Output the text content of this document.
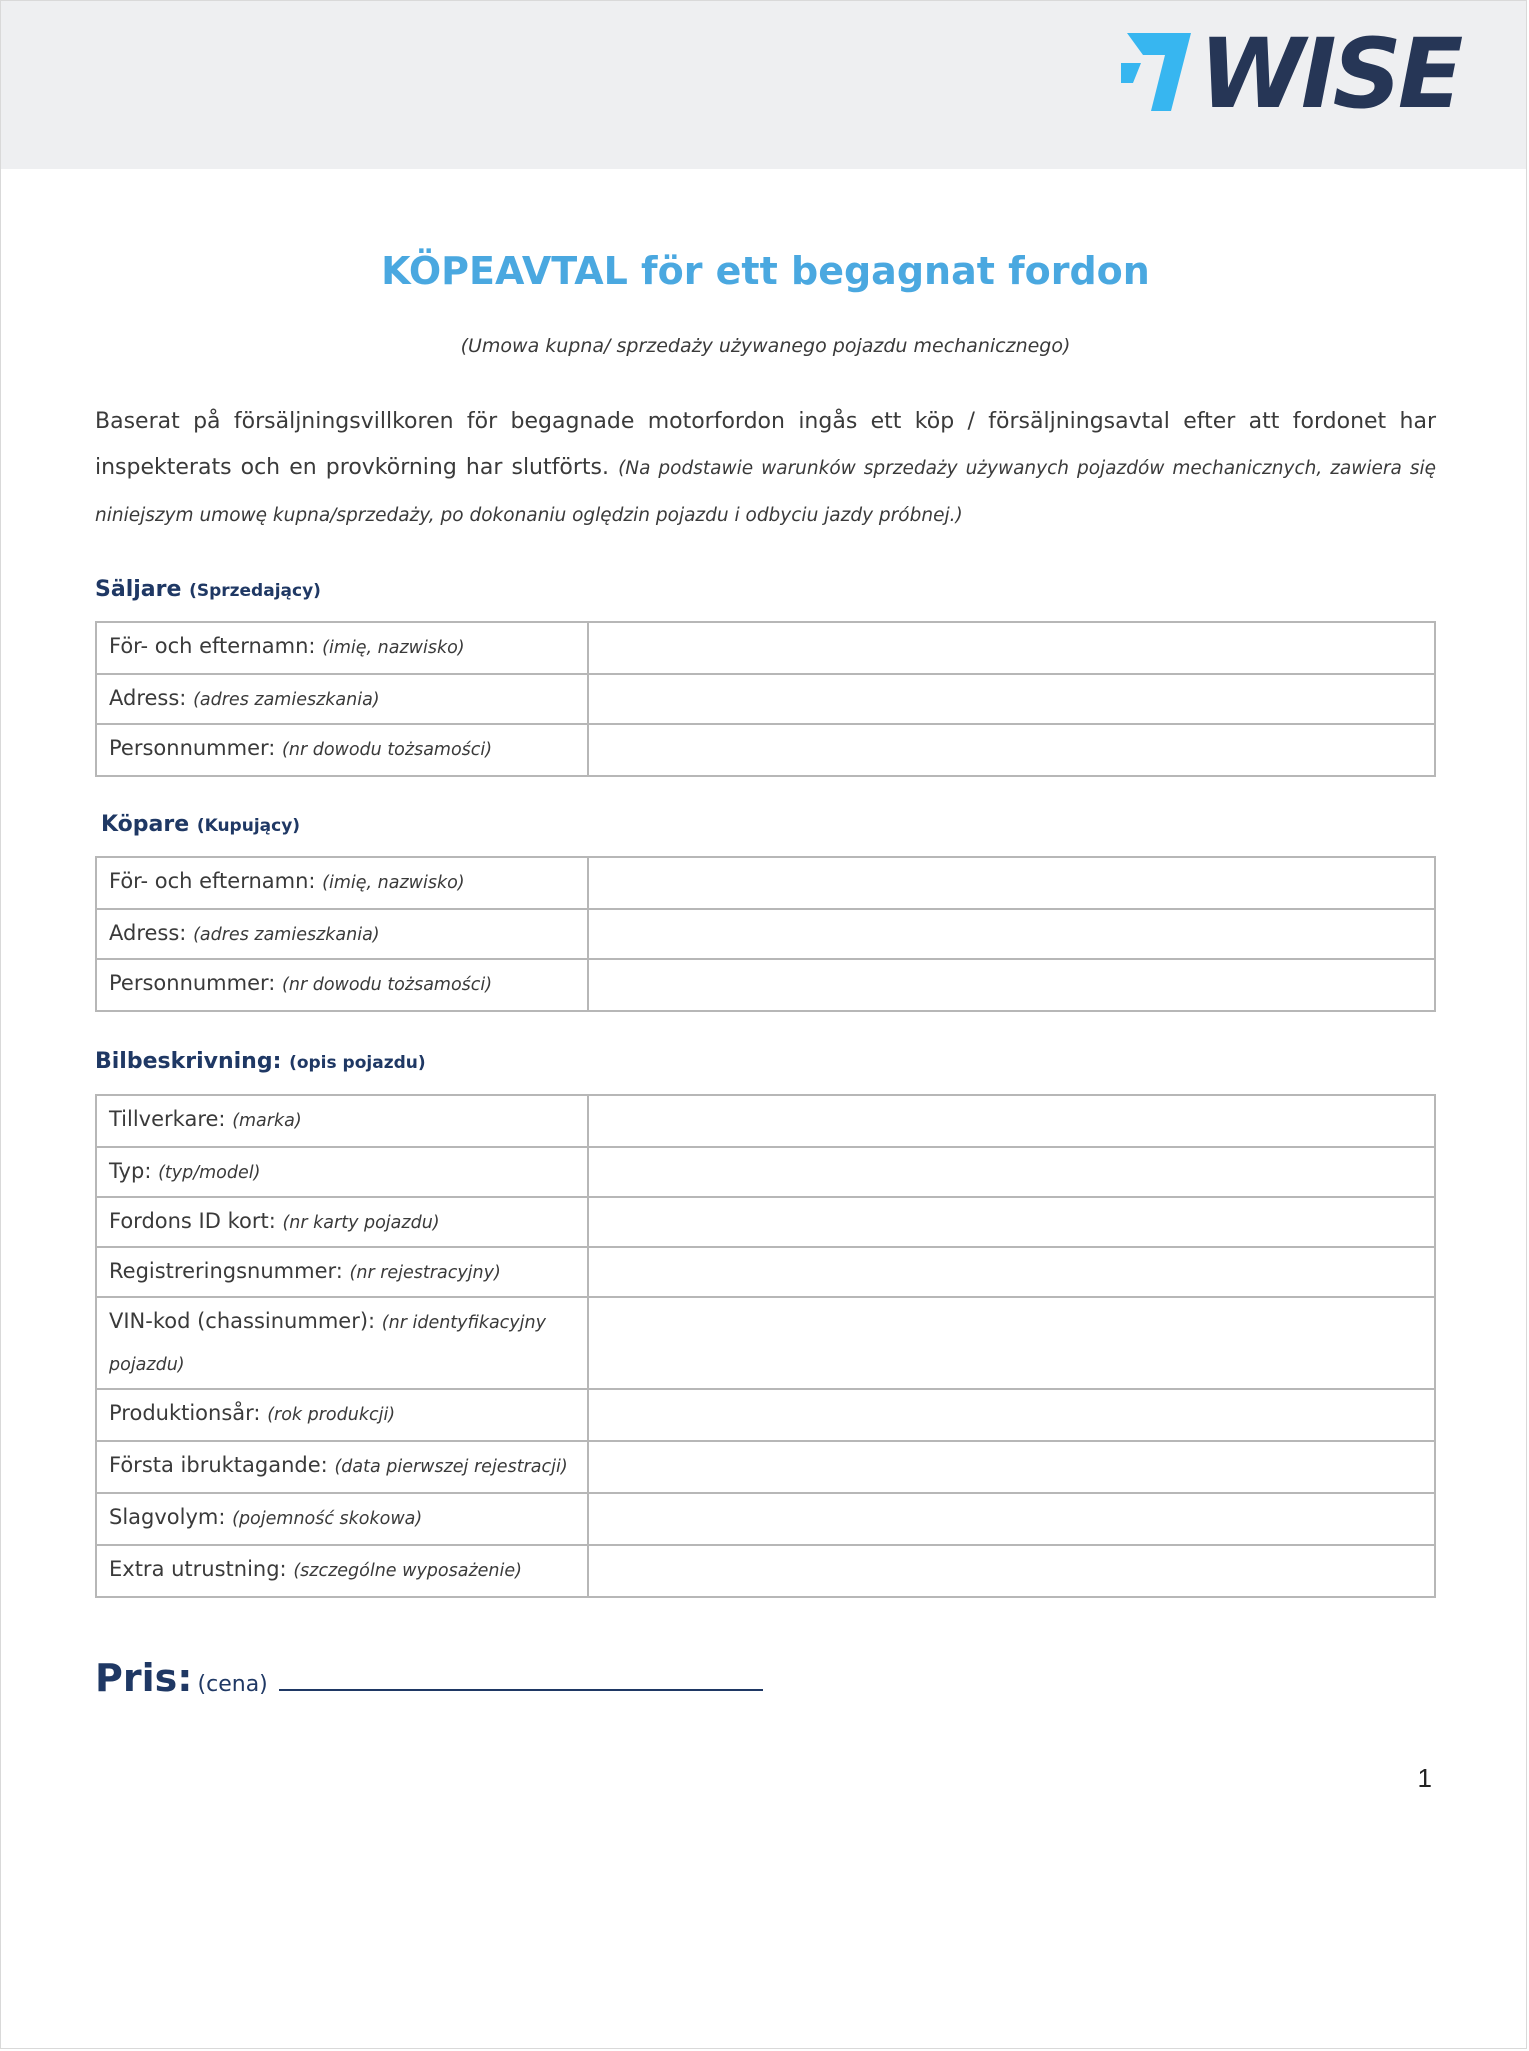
WISE
KÖPEAVTAL för ett begagnat fordon
(Umowa kupna/ sprzedaży używanego pojazdu mechanicznego)

Baserat på försäljningsvillkoren för begagnade motorfordon ingås ett köp / försäljningsavtal efter att fordonet har inspekterats och en provkörning har slutförts. (Na podstawie warunków sprzedaży używanych pojazdów mechanicznych, zawiera się niniejszym umowę kupna/sprzedaży, po dokonaniu oględzin pojazdu i odbyciu jazdy próbnej.)

Säljare (Sprzedający)
För- och efternamn: (imię, nazwisko)	
Adress: (adres zamieszkania)	
Personnummer: (nr dowodu tożsamości)	
Köpare (Kupujący)
För- och efternamn: (imię, nazwisko)	
Adress: (adres zamieszkania)	
Personnummer: (nr dowodu tożsamości)	
Bilbeskrivning: (opis pojazdu)
Tillverkare: (marka)	
Typ: (typ/model)	
Fordons ID kort: (nr karty pojazdu)	
Registreringsnummer: (nr rejestracyjny)	
VIN-kod (chassinummer): (nr identyfikacyjny pojazdu)	
Produktionsår: (rok produkcji)	
Första ibruktagande: (data pierwszej rejestracji)	
Slagvolym: (pojemność skokowa)	
Extra utrustning: (szczególne wyposażenie)	
Pris: (cena)
1
